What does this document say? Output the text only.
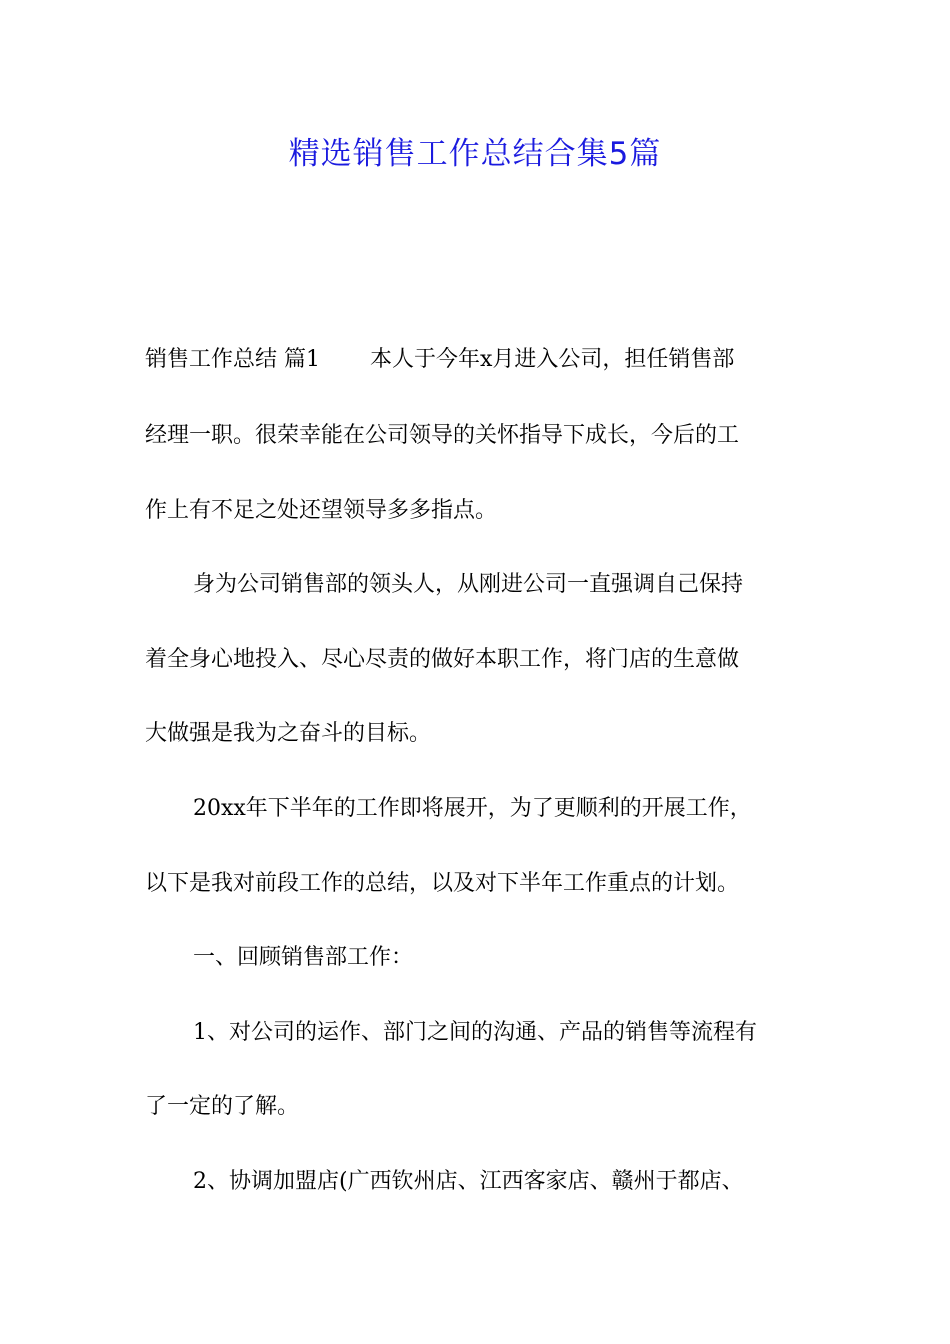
精选销售工作总结合集5篇
销售工作总结 篇1 本人于今年x月进入公司，担任销售部
经理一职。很荣幸能在公司领导的关怀指导下成长，今后的工
作上有不足之处还望领导多多指点。
身为公司销售部的领头人，从刚进公司一直强调自己保持
着全身心地投入、尽心尽责的做好本职工作，将门店的生意做
大做强是我为之奋斗的目标。
20xx年下半年的工作即将展开，为了更顺利的开展工作，
以下是我对前段工作的总结，以及对下半年工作重点的计划。
一、回顾销售部工作：
1、对公司的运作、部门之间的沟通、产品的销售等流程有
了一定的了解。
2、协调加盟店(广西钦州店、江西客家店、赣州于都店、
